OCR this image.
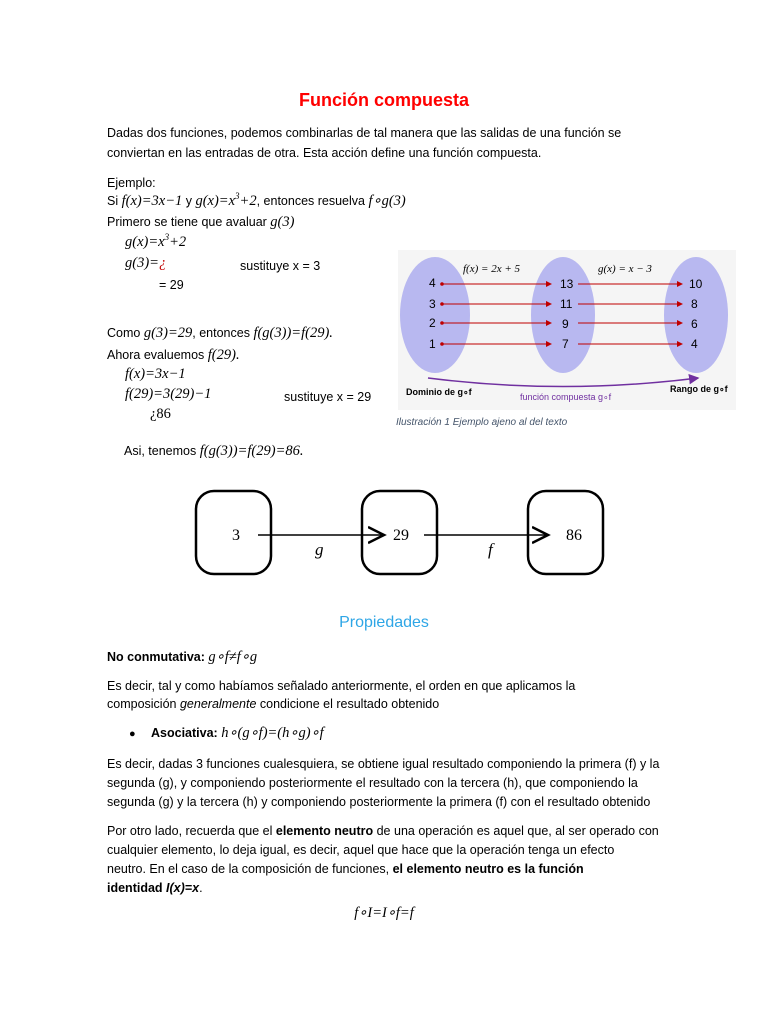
Función compuesta
Dadas dos funciones, podemos combinarlas de tal manera que las salidas de una función se
conviertan en las entradas de otra. Esta acción define una función compuesta.
Ejemplo:
Si f(x)=3x−1 y $g(x)=x^3+2$, entonces resuelva f∘g(3)
Primero se tiene que avaluar g(3)
$g(x)=x^3+2$
g(3)=¿	sustituye x = 3
= 29
Como g(3)=29, entonces f(g(3))=f(29).
Ahora evaluemos f(29).
f(x)=3x−1
f(29)=3(29)−1	sustituye x = 29
¿86
Asi, tenemos f(g(3))=f(29)=86.
f(x) = 2x + 5	g(x) = x − 3
4
3
2
1
13
11
9
7
10
8
6
4
Dominio de g∘f	Rango de g∘f
función compuesta g∘f
Ilustración 1 Ejemplo ajeno al del texto
3	29	86
g	f
Propiedades
No conmutativa: g∘f≠f∘g
Es decir, tal y como habíamos señalado anteriormente, el orden en que aplicamos la
composición generalmente condicione el resultado obtenido
● Asociativa: h∘(g∘f)=(h∘g)∘f
Es decir, dadas 3 funciones cualesquiera, se obtiene igual resultado componiendo la primera (f) y la
segunda (g), y componiendo posteriormente el resultado con la tercera (h), que componiendo la
segunda (g) y la tercera (h) y componiendo posteriormente la primera (f) con el resultado obtenido
Por otro lado, recuerda que el elemento neutro de una operación es aquel que, al ser operado con
cualquier elemento, lo deja igual, es decir, aquel que hace que la operación tenga un efecto
neutro. En el caso de la composición de funciones, el elemento neutro es la función
identidad I(x)=x.
f∘I=I∘f=f
